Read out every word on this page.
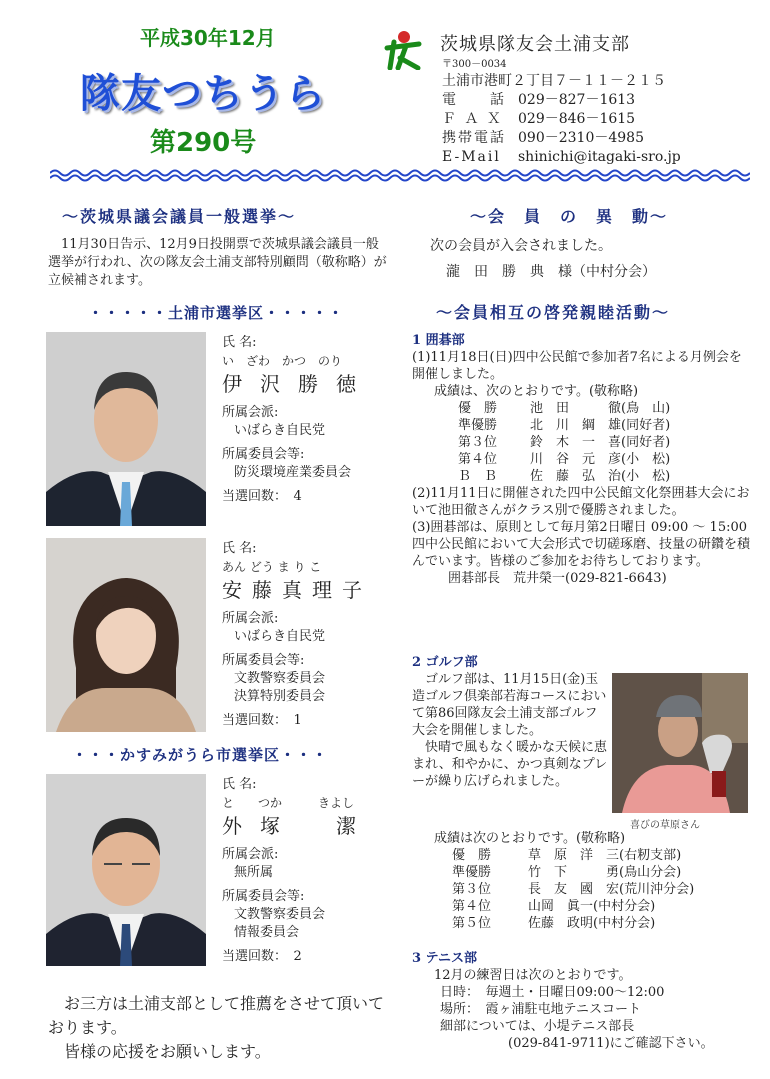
平成30年12月
隊友つちうら
第290号
茨城県隊友会土浦支部
〒300－0034
土浦市港町２丁目７－１１－２１５
電　　話 029－827－1613
Ｆ Ａ Ｘ	029－846－1615
携帯電話 090－2310－4985
E-Mail	shinichi@itagaki-sro.jp
～茨城県議会議員一般選挙～
11月30日告示、12月9日投開票で茨城県議会議員一般選挙が行われ、次の隊友会土浦支部特別顧問（敬称略）が立候補されます。
・・・・・土浦市選挙区・・・・・
氏 名:
い　ざわ　かつ　のり
伊沢勝徳
所属会派:
いばらき自民党
所属委員会等:
防災環境産業委員会
当選回数：　4
氏 名:
あん どう ま り こ
安藤真理子
所属会派:
いばらき自民党
所属委員会等:
文教警察委員会
決算特別委員会
当選回数：　1
・・・かすみがうら市選挙区・・・
氏 名:
と　　つか　　　きよし
外塚　潔
所属会派:
無所属
所属委員会等:
文教警察委員会
情報委員会
当選回数：　2
　お三方は土浦支部として推薦をさせて頂いております。
　皆様の応援をお願いします。
～会　員　の　異　動～
次の会員が入会されました。
瀧　田　勝　典　様（中村分会）
～会員相互の啓発親睦活動～
1 囲碁部
(1)11月18日(日)四中公民館で参加者7名による月例会を開催しました。
成績は、次のとおりです。(敬称略)
優　勝	池　田　　　徹(鳥　山)
準優勝	北　川　綱　雄(同好者)
第３位	鈴　木　一　喜(同好者)
第４位	川　谷　元　彦(小　松)
Ｂ　Ｂ	佐　藤　弘　治(小　松)
(2)11月11日に開催された四中公民館文化祭囲碁大会において池田徹さんがクラス別で優勝されました。
(3)囲碁部は、原則として毎月第2日曜日 09:00 ～ 15:00 四中公民館において大会形式で切磋琢磨、技量の研鑽を積んでいます。皆様のご参加をお待ちしております。
囲碁部長　荒井榮一(029-821-6643)
2 ゴルフ部
ゴルフ部は、11月15日(金)玉造ゴルフ倶楽部若海コースにおいて第86回隊友会土浦支部ゴルフ大会を開催しました。
快晴で風もなく暖かな天候に恵まれ、和やかに、かつ真剣なプレーが繰り広げられました。
喜びの草原さん
成績は次のとおりです。(敬称略)
優　勝	草　原　洋　三(右籾支部)
準優勝	竹　下　　　勇(鳥山分会)
第３位	長　友　國　宏(荒川沖分会)
第４位	山岡　眞一(中村分会)
第５位	佐藤　政明(中村分会)
3 テニス部
12月の練習日は次のとおりです。
日時：　毎週土・日曜日09:00～12:00
場所：　霞ヶ浦駐屯地テニスコート
細部については、小堤テニス部長
(029-841-9711)にご確認下さい。
